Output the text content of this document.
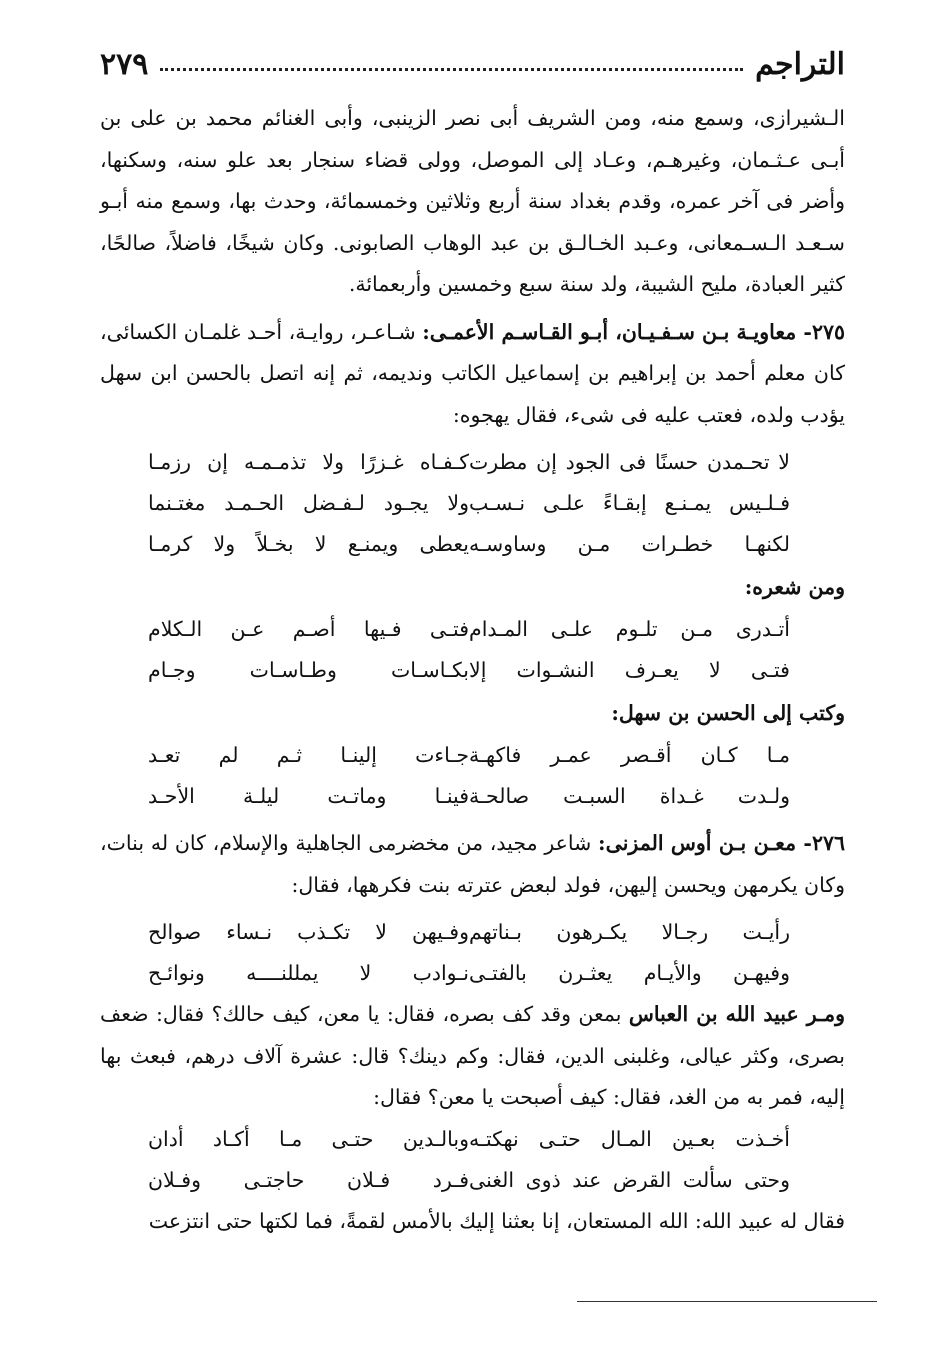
التراجم
٢٧٩

الـشيرازى، وسمع منه، ومن الشريف أبى نصر الزينبى، وأبى الغنائم محمد بن على بن أبـى عـثـمان، وغيرهـم، وعـاد إلى الموصل، وولى قضاء سنجار بعد علو سنه، وسكنها، وأضر فى آخر عمره، وقدم بغداد سنة أربع وثلاثين وخمسمائة، وحدث بها، وسمع منه أبـو سـعـد الـسـمعانى، وعـبد الخـالـق بن عبد الوهاب الصابونى. وكان شيخًا، فاضلاً، صالحًا، كثير العبادة، مليح الشيبة، ولد سنة سبع وخمسين وأربعمائة.

٢٧٥- معاويـة بـن سـفـيـان، أبـو القـاسـم الأعمـى: شـاعـر، روايـة، أحـد غلمـان الكسائى، كان معلم أحمد بن إبراهيم بن إسماعيل الكاتب ونديمه، ثم إنه اتصل بالحسن ابن سهل يؤدب ولده، فعتب عليه فى شىء، فقال يهجوه:

لا تحـمدن حسنًا فى الجود إن مطرت
كـفـاه غـزرًا ولا تذمـمـه إن رزمـا
فـلـيس يمـنـع إبقـاءً علـى نـسـب
ولا يجـود لـفـضل الحـمـد مغتـنما
لكنهـا خطـرات مـن وساوسـه
يعطى ويمنـع لا بخـلاً ولا كرمـا
ومن شعره:
أتـدرى مـن تلـوم علـى المـدام
فتـى فـيها أصـم عـن الـكلام
فتـى لا يعـرف النشـوات إلا
بكـاسـات وطـاسـات وجـام
وكتب إلى الحسن بن سهل:
مـا كـان أقـصر عمـر فاكهـة
جـاءت إلينـا ثـم لم تعـد
ولـدت غـداة السبـت صالحـة
فينـا وماتـت ليلـة الأحـد

٢٧٦- معـن بـن أوس المزنى: شاعر مجيد، من مخضرمى الجاهلية والإسلام، كان له بنات، وكان يكرمهن ويحسن إليهن، فولد لبعض عترته بنت فكرهها، فقال:

رأيـت رجـالا يكـرهون بـناتهم
وفـيهن لا تكـذب نـساء صوالح
وفيهـن والأيـام يعثـرن بالفتـى
نـوادب لا يمللنــــه ونوائـح

ومـر عبيد الله بن العباس بمعن وقد كف بصره، فقال: يا معن، كيف حالك؟ فقال: ضعف بصرى، وكثر عيالى، وغلبنى الدين، فقال: وكم دينك؟ قال: عشرة آلاف درهم، فبعث بها إليه، فمر به من الغد، فقال: كيف أصبحت يا معن؟ فقال:

أخـذت بعـين المـال حتـى نهكتـه
وبالـدين حتـى مـا أكـاد أدان
وحتى سألت القرض عند ذوى الغنى
فـرد فـلان حاجتـى وفـلان

فقال له عبيد الله: الله المستعان، إنا بعثنا إليك بالأمس لقمةً، فما لكتها حتى انتزعت
